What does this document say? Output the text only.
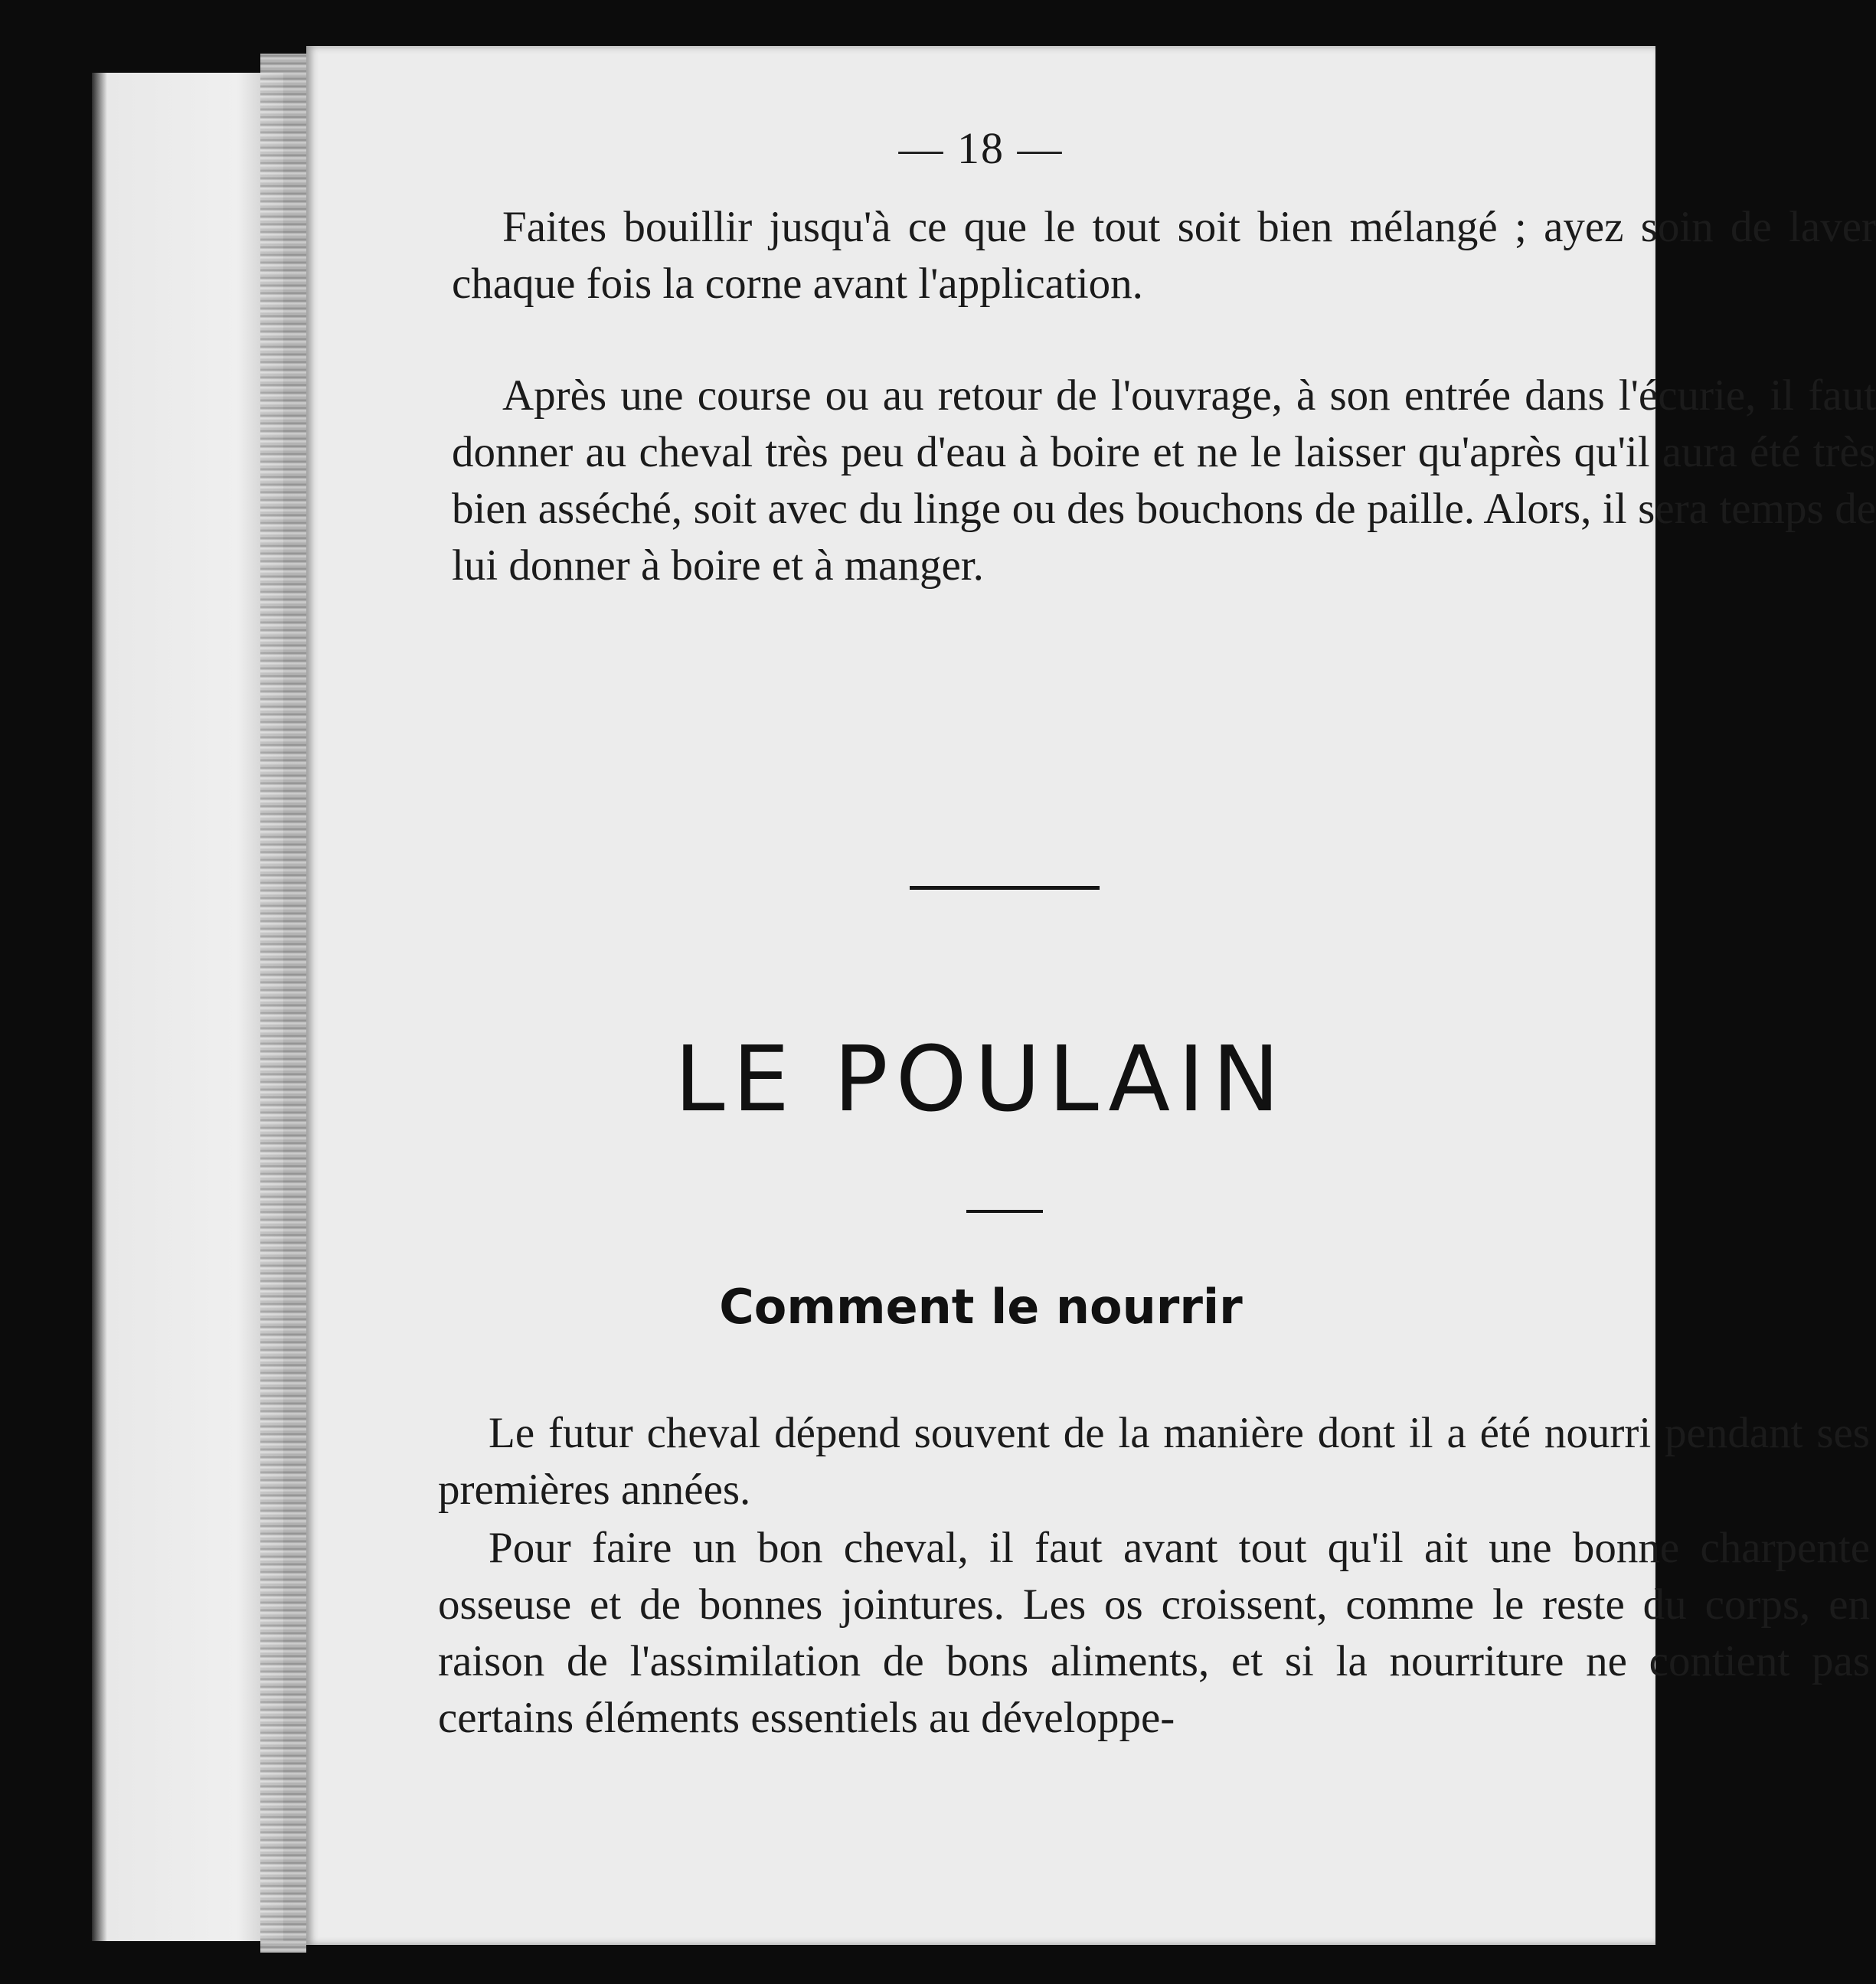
— 18 —

Faites bouillir jusqu'à ce que le tout soit bien mélangé ; ayez soin de laver chaque fois la corne avant l'application.

Après une course ou au retour de l'ouvrage, à son entrée dans l'écurie, il faut donner au cheval très peu d'eau à boire et ne le laisser qu'après qu'il aura été très bien asséché, soit avec du linge ou des bouchons de paille. Alors, il sera temps de lui donner à boire et à manger.

LE POULAIN
Comment le nourrir

Le futur cheval dépend souvent de la manière dont il a été nourri pendant ses premières années.

Pour faire un bon cheval, il faut avant tout qu'il ait une bonne charpente osseuse et de bonnes jointures. Les os croissent, comme le reste du corps, en raison de l'assimilation de bons aliments, et si la nourriture ne contient pas certains éléments essentiels au développe-
